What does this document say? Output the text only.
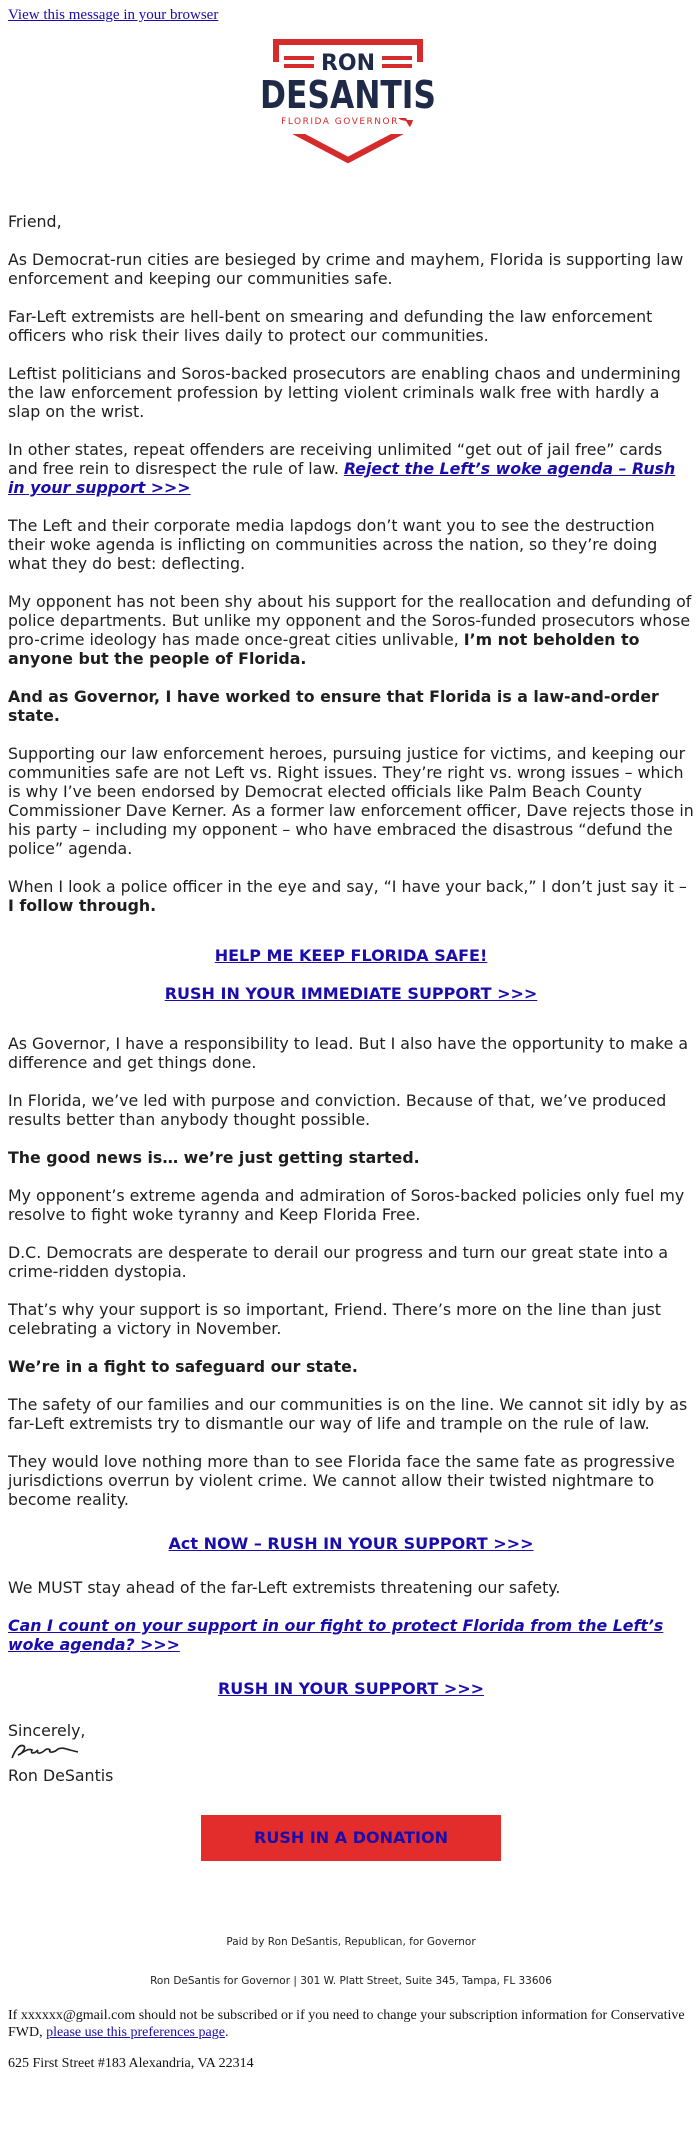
View this message in your browser
RON
DESANTIS
FLORIDA GOVERNOR

Friend,

As Democrat-run cities are besieged by crime and mayhem, Florida is supporting law enforcement and keeping our communities safe.

Far-Left extremists are hell-bent on smearing and defunding the law enforcement officers who risk their lives daily to protect our communities.

Leftist politicians and Soros-backed prosecutors are enabling chaos and undermining the law enforcement profession by letting violent criminals walk free with hardly a slap on the wrist.

In other states, repeat offenders are receiving unlimited “get out of jail free” cards and free rein to disrespect the rule of law. Reject the Left’s woke agenda – Rush in your support >>>

The Left and their corporate media lapdogs don’t want you to see the destruction their woke agenda is inflicting on communities across the nation, so they’re doing what they do best: deflecting.

My opponent has not been shy about his support for the reallocation and defunding of police departments. But unlike my opponent and the Soros-funded prosecutors whose pro-crime ideology has made once-great cities unlivable, I’m not beholden to anyone but the people of Florida.

And as Governor, I have worked to ensure that Florida is a law-and-order state.

Supporting our law enforcement heroes, pursuing justice for victims, and keeping our communities safe are not Left vs. Right issues. They’re right vs. wrong issues – which is why I’ve been endorsed by Democrat elected officials like Palm Beach County Commissioner Dave Kerner. As a former law enforcement officer, Dave rejects those in his party – including my opponent – who have embraced the disastrous “defund the police” agenda.

When I look a police officer in the eye and say, “I have your back,” I don’t just say it – I follow through.

HELP ME KEEP FLORIDA SAFE!

RUSH IN YOUR IMMEDIATE SUPPORT >>>

As Governor, I have a responsibility to lead. But I also have the opportunity to make a difference and get things done.

In Florida, we’ve led with purpose and conviction. Because of that, we’ve produced results better than anybody thought possible.

The good news is… we’re just getting started.

My opponent’s extreme agenda and admiration of Soros-backed policies only fuel my resolve to fight woke tyranny and Keep Florida Free.

D.C. Democrats are desperate to derail our progress and turn our great state into a crime-ridden dystopia.

That’s why your support is so important, Friend. There’s more on the line than just celebrating a victory in November.

We’re in a fight to safeguard our state.

The safety of our families and our communities is on the line. We cannot sit idly by as far-Left extremists try to dismantle our way of life and trample on the rule of law.

They would love nothing more than to see Florida face the same fate as progressive jurisdictions overrun by violent crime. We cannot allow their twisted nightmare to become reality.

Act NOW – RUSH IN YOUR SUPPORT >>>

We MUST stay ahead of the far-Left extremists threatening our safety.

Can I count on your support in our fight to protect Florida from the Left’s woke agenda? >>>

RUSH IN YOUR SUPPORT >>>

Sincerely,
Ron DeSantis
RUSH IN A DONATION
Paid by Ron DeSantis, Republican, for Governor
Ron DeSantis for Governor | 301 W. Platt Street, Suite 345, Tampa, FL 33606
If xxxxxx@gmail.com should not be subscribed or if you need to change your subscription information for Conservative FWD, please use this preferences page.
625 First Street #183 Alexandria, VA 22314
